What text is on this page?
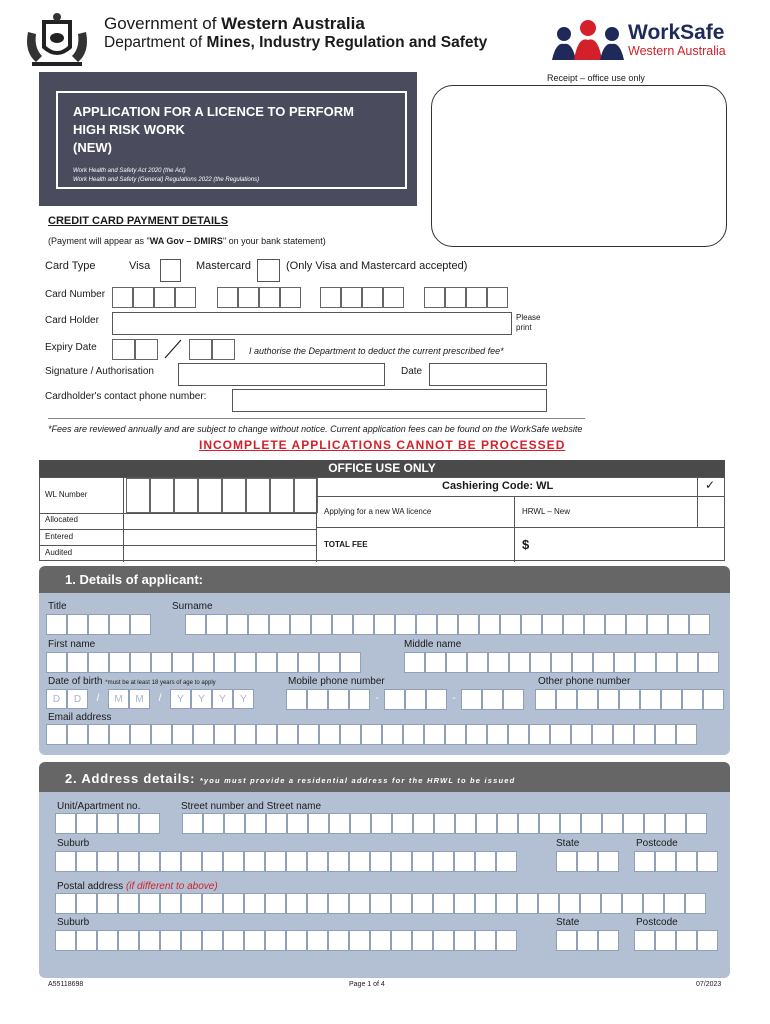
Government of Western Australia
Department of Mines, Industry Regulation and Safety	WorkSafe
Western Australia
Receipt – office use only
APPLICATION FOR A LICENCE TO PERFORM
HIGH RISK WORK
(NEW)
Work Health and Safety Act 2020 (the Act)
Work Health and Safety (General) Regulations 2022 (the Regulations)
CREDIT CARD PAYMENT DETAILS
(Payment will appear as "WA Gov – DMIRS" on your bank statement)
Card Type	Visa	Mastercard	(Only Visa and Mastercard accepted)
Card Number
Card Holder	Please print
Expiry Date	I authorise the Department to deduct the current prescribed fee*
Signature / Authorisation	Date
Cardholder's contact phone number:
*Fees are reviewed annually and are subject to change without notice. Current application fees can be found on the WorkSafe website
INCOMPLETE APPLICATIONS CANNOT BE PROCESSED
OFFICE USE ONLY
WL Number
Allocated
Entered
Audited
Cashiering Code: WL	✓
Applying for a new WA licence	HRWL – New
TOTAL FEE	$
1. Details of applicant:
Title	Surname
First name	Middle name
Date of birth *must be at least 18 years of age to apply
D	D	/	M	M	/	Y	Y	Y	Y
Mobile phone number
-	-
Other phone number
Email address
2. Address details: *you must provide a residential address for the HRWL to be issued
Unit/Apartment no.	Street number and Street name
Suburb	State	Postcode
Postal address (if different to above)
Suburb	State	Postcode
A55118698	Page 1 of 4	07/2023
